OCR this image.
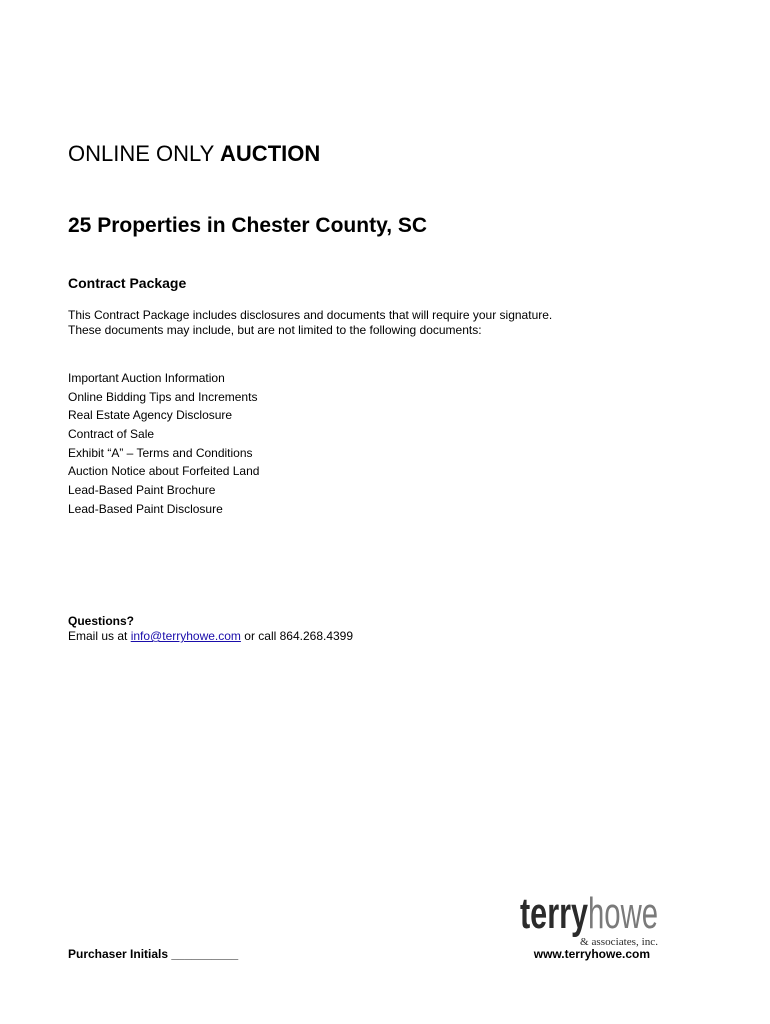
ONLINE ONLY AUCTION
25 Properties in Chester County, SC
Contract Package
This Contract Package includes disclosures and documents that will require your signature.
These documents may include, but are not limited to the following documents:
Important Auction Information
Online Bidding Tips and Increments
Real Estate Agency Disclosure
Contract of Sale
Exhibit “A” – Terms and Conditions
Auction Notice about Forfeited Land
Lead-Based Paint Brochure
Lead-Based Paint Disclosure
Questions?
Email us at info@terryhowe.com or call 864.268.4399
terry howe
& associates, inc.
Purchaser Initials __________	www.terryhowe.com
